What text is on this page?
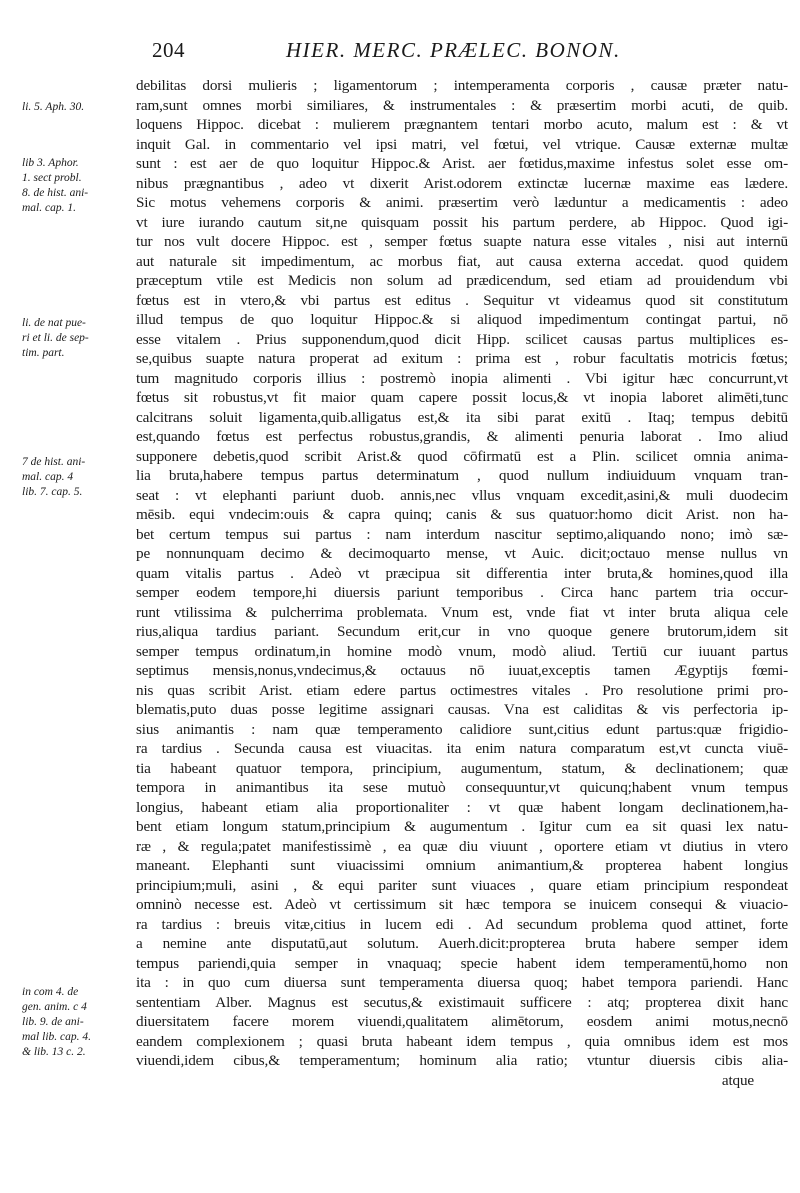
204	HIER. MERC. PRÆLEC. BONON.
li. 5. Aph. 30.
lib 3. Aphor.
1. sect probl.
8. de hist. ani-
mal. cap. 1.
li. de nat pue-
ri et li. de sep-
tim. part.
7 de hist. ani-
mal. cap. 4
lib. 7. cap. 5.
in com 4. de
gen. anim. c 4
lib. 9. de ani-
mal lib. cap. 4.
& lib. 13 c. 2.
debilitas dorsi mulieris ; ligamentorum ; intemperamenta corporis , causæ præter natu-
ram,sunt omnes morbi similiares, & instrumentales : & præsertim morbi acuti, de quib.
loquens Hippoc. dicebat : mulierem prægnantem tentari morbo acuto, malum est : & vt
inquit Gal. in commentario vel ipsi matri, vel fœtui, vel vtrique. Causæ externæ multæ
sunt : est aer de quo loquitur Hippoc.& Arist. aer fœtidus,maxime infestus solet esse om-
nibus prægnantibus , adeo vt dixerit Arist.odorem extinctæ lucernæ maxime eas lædere.
Sic motus vehemens corporis & animi. præsertim verò læduntur a medicamentis : adeo
vt iure iurando cautum sit,ne quisquam possit his partum perdere, ab Hippoc. Quod igi-
tur nos vult docere Hippoc. est , semper fœtus suapte natura esse vitales , nisi aut internū
aut naturale sit impedimentum, ac morbus fiat, aut causa externa accedat. quod quidem
præceptum vtile est Medicis non solum ad prædicendum, sed etiam ad prouidendum vbi
fœtus est in vtero,& vbi partus est editus . Sequitur vt videamus quod sit constitutum
illud tempus de quo loquitur Hippoc.& si aliquod impedimentum contingat partui, nō
esse vitalem . Prius supponendum,quod dicit Hipp. scilicet causas partus multiplices es-
se,quibus suapte natura properat ad exitum : prima est , robur facultatis motricis fœtus;
tum magnitudo corporis illius : postremò inopia alimenti . Vbi igitur hæc concurrunt,vt
fœtus sit robustus,vt fit maior quam capere possit locus,& vt inopia laboret alimēti,tunc
calcitrans soluit ligamenta,quib.alligatus est,& ita sibi parat exitū . Itaq; tempus debitū
est,quando fœtus est perfectus robustus,grandis, & alimenti penuria laborat . Imo aliud
supponere debetis,quod scribit Arist.& quod cōfirmatū est a Plin. scilicet omnia anima-
lia bruta,habere tempus partus determinatum , quod nullum indiuiduum vnquam tran-
seat : vt elephanti pariunt duob. annis,nec vllus vnquam excedit,asini,& muli duodecim
mēsib. equi vndecim:ouis & capra quinq; canis & sus quatuor:homo dicit Arist. non ha-
bet certum tempus sui partus : nam interdum nascitur septimo,aliquando nono; imò sæ-
pe nonnunquam decimo & decimoquarto mense, vt Auic. dicit;octauo mense nullus vn
quam vitalis partus . Adeò vt præcipua sit differentia inter bruta,& homines,quod illa
semper eodem tempore,hi diuersis pariunt temporibus . Circa hanc partem tria occur-
runt vtilissima & pulcherrima problemata. Vnum est, vnde fiat vt inter bruta aliqua cele
rius,aliqua tardius pariant. Secundum erit,cur in vno quoque genere brutorum,idem sit
semper tempus ordinatum,in homine modò vnum, modò aliud. Tertiū cur iuuant partus
septimus mensis,nonus,vndecimus,& octauus nō iuuat,exceptis tamen Ægyptijs fœmi-
nis quas scribit Arist. etiam edere partus octimestres vitales . Pro resolutione primi pro-
blematis,puto duas posse legitime assignari causas. Vna est caliditas & vis perfectoria ip-
sius animantis : nam quæ temperamento calidiore sunt,citius edunt partus:quæ frigidio-
ra tardius . Secunda causa est viuacitas. ita enim natura comparatum est,vt cuncta viuē-
tia habeant quatuor tempora, principium, augumentum, statum, & declinationem; quæ
tempora in animantibus ita sese mutuò consequuntur,vt quicunq;habent vnum tempus
longius, habeant etiam alia proportionaliter : vt quæ habent longam declinationem,ha-
bent etiam longum statum,principium & augumentum . Igitur cum ea sit quasi lex natu-
ræ , & regula;patet manifestissimè , ea quæ diu viuunt , oportere etiam vt diutius in vtero
maneant. Elephanti sunt viuacissimi omnium animantium,& propterea habent longius
principium;muli, asini , & equi pariter sunt viuaces , quare etiam principium respondeat
omninò necesse est. Adeò vt certissimum sit hæc tempora se inuicem consequi & viuacio-
ra tardius : breuis vitæ,citius in lucem edi . Ad secundum problema quod attinet, forte
a nemine ante disputatū,aut solutum. Auerh.dicit:propterea bruta habere semper idem
tempus pariendi,quia semper in vnaquaq; specie habent idem temperamentū,homo non
ita : in quo cum diuersa sunt temperamenta diuersa quoq; habet tempora pariendi. Hanc
sententiam Alber. Magnus est secutus,& existimauit sufficere : atq; propterea dixit hanc
diuersitatem facere morem viuendi,qualitatem alimētorum, eosdem animi motus,necnō
eandem complexionem ; quasi bruta habeant idem tempus , quia omnibus idem est mos
viuendi,idem cibus,& temperamentum; hominum alia ratio; vtuntur diuersis cibis alia-
atque
